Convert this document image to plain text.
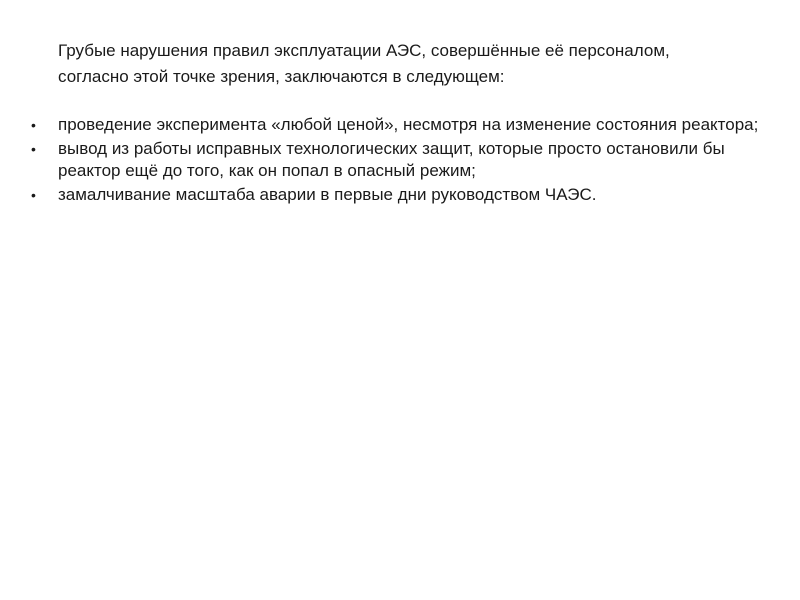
Грубые нарушения правил эксплуатации АЭС, совершённые её персоналом,
согласно этой точке зрения, заключаются в следующем:

• проведение эксперимента «любой ценой», несмотря на изменение состояния реактора;
• вывод из работы исправных технологических защит, которые просто остановили бы реактор ещё до того, как он попал в опасный режим;
• замалчивание масштаба аварии в первые дни руководством ЧАЭС.
